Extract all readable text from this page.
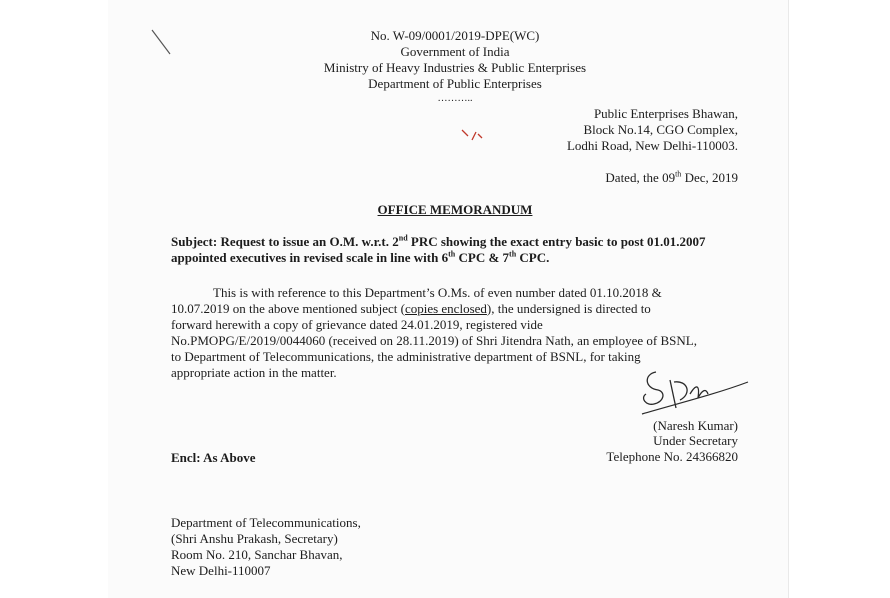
No. W-09/0001/2019-DPE(WC)
Government of India
Ministry of Heavy Industries & Public Enterprises
Department of Public Enterprises
………..
Public Enterprises Bhawan,
Block No.14, CGO Complex,
Lodhi Road, New Delhi-110003.
Dated, the 09th Dec, 2019
OFFICE MEMORANDUM
Subject: Request to issue an O.M. w.r.t. 2nd PRC showing the exact entry basic to post 01.01.2007
appointed executives in revised scale in line with 6th CPC & 7th CPC.
This is with reference to this Department’s O.Ms. of even number dated 01.10.2018 &
10.07.2019 on the above mentioned subject (copies enclosed), the undersigned is directed to
forward herewith a copy of grievance dated 24.01.2019, registered vide
No.PMOPG/E/2019/0044060 (received on 28.11.2019) of Shri Jitendra Nath, an employee of BSNL,
to Department of Telecommunications, the administrative department of BSNL, for taking
appropriate action in the matter.
(Naresh Kumar)
Under Secretary
Telephone No. 24366820
Encl: As Above
Department of Telecommunications,
(Shri Anshu Prakash, Secretary)
Room No. 210, Sanchar Bhavan,
New Delhi-110007
